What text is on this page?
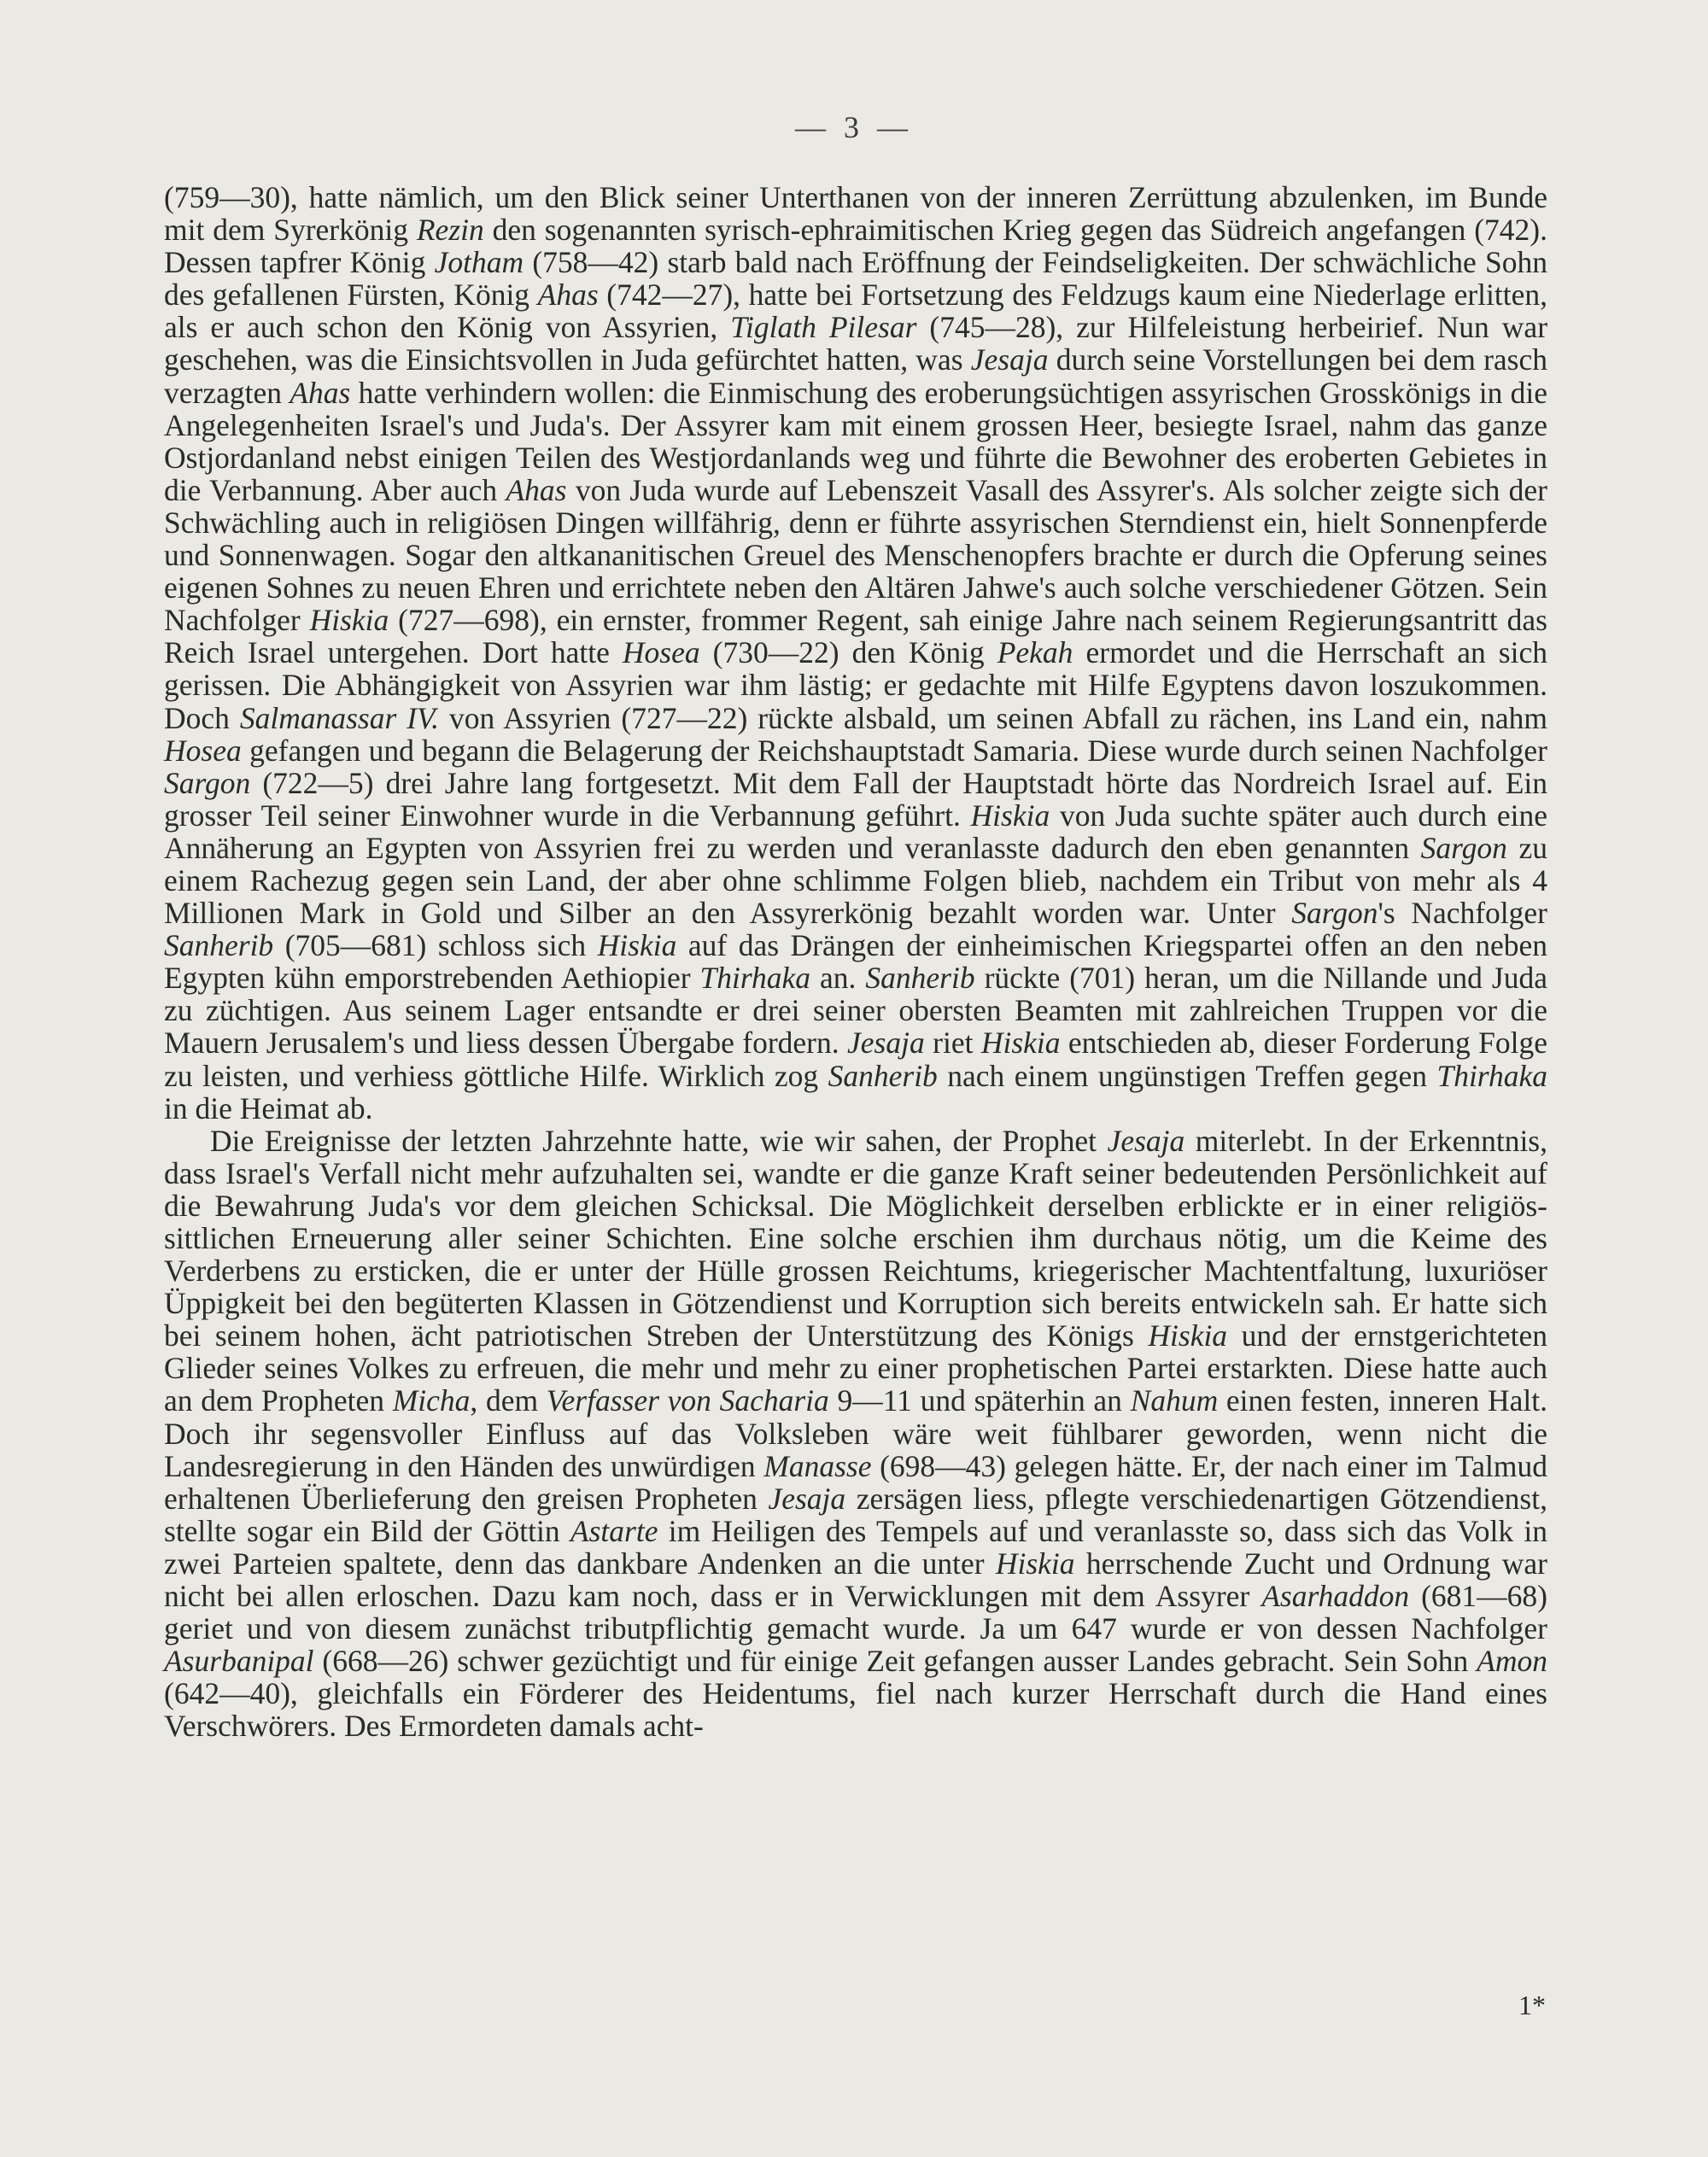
— 3 —

(759—30), hatte nämlich, um den Blick seiner Unterthanen von der inneren Zerrüttung abzulenken, im Bunde mit dem Syrerkönig Rezin den sogenannten syrisch-ephraimitischen Krieg gegen das Südreich angefangen (742). Dessen tapfrer König Jotham (758—42) starb bald nach Eröffnung der Feindseligkeiten. Der schwächliche Sohn des gefallenen Fürsten, König Ahas (742—27), hatte bei Fortsetzung des Feldzugs kaum eine Niederlage erlitten, als er auch schon den König von Assyrien, Tiglath Pilesar (745—28), zur Hilfeleistung herbeirief. Nun war geschehen, was die Einsichtsvollen in Juda gefürchtet hatten, was Jesaja durch seine Vorstellungen bei dem rasch verzagten Ahas hatte verhindern wollen: die Einmischung des eroberungsüchtigen assyrischen Grosskönigs in die Angelegenheiten Israel's und Juda's. Der Assyrer kam mit einem grossen Heer, besiegte Israel, nahm das ganze Ostjordanland nebst einigen Teilen des Westjordanlands weg und führte die Bewohner des eroberten Gebietes in die Verbannung. Aber auch Ahas von Juda wurde auf Lebenszeit Vasall des Assyrer's. Als solcher zeigte sich der Schwächling auch in religiösen Dingen willfährig, denn er führte assyrischen Sterndienst ein, hielt Sonnenpferde und Sonnenwagen. Sogar den altkananitischen Greuel des Menschenopfers brachte er durch die Opferung seines eigenen Sohnes zu neuen Ehren und errichtete neben den Altären Jahwe's auch solche verschiedener Götzen. Sein Nachfolger Hiskia (727—698), ein ernster, frommer Regent, sah einige Jahre nach seinem Regierungsantritt das Reich Israel untergehen. Dort hatte Hosea (730—22) den König Pekah ermordet und die Herrschaft an sich gerissen. Die Abhängigkeit von Assyrien war ihm lästig; er gedachte mit Hilfe Egyptens davon loszukommen. Doch Salmanassar IV. von Assyrien (727—22) rückte alsbald, um seinen Abfall zu rächen, ins Land ein, nahm Hosea gefangen und begann die Belagerung der Reichshauptstadt Samaria. Diese wurde durch seinen Nachfolger Sargon (722—5) drei Jahre lang fortgesetzt. Mit dem Fall der Hauptstadt hörte das Nordreich Israel auf. Ein grosser Teil seiner Einwohner wurde in die Verbannung geführt. Hiskia von Juda suchte später auch durch eine Annäherung an Egypten von Assyrien frei zu werden und veranlasste dadurch den eben genannten Sargon zu einem Rachezug gegen sein Land, der aber ohne schlimme Folgen blieb, nachdem ein Tribut von mehr als 4 Millionen Mark in Gold und Silber an den Assyrerkönig bezahlt worden war. Unter Sargon's Nachfolger Sanherib (705—681) schloss sich Hiskia auf das Drängen der einheimischen Kriegspartei offen an den neben Egypten kühn emporstrebenden Aethiopier Thirhaka an. Sanherib rückte (701) heran, um die Nillande und Juda zu züchtigen. Aus seinem Lager entsandte er drei seiner obersten Beamten mit zahlreichen Truppen vor die Mauern Jerusalem's und liess dessen Übergabe fordern. Jesaja riet Hiskia entschieden ab, dieser Forderung Folge zu leisten, und verhiess göttliche Hilfe. Wirklich zog Sanherib nach einem ungünstigen Treffen gegen Thirhaka in die Heimat ab.

Die Ereignisse der letzten Jahrzehnte hatte, wie wir sahen, der Prophet Jesaja miterlebt. In der Erkenntnis, dass Israel's Verfall nicht mehr aufzuhalten sei, wandte er die ganze Kraft seiner bedeutenden Persönlichkeit auf die Bewahrung Juda's vor dem gleichen Schicksal. Die Möglichkeit derselben erblickte er in einer religiös-sittlichen Erneuerung aller seiner Schichten. Eine solche erschien ihm durchaus nötig, um die Keime des Verderbens zu ersticken, die er unter der Hülle grossen Reichtums, kriegerischer Machtentfaltung, luxuriöser Üppigkeit bei den begüterten Klassen in Götzendienst und Korruption sich bereits entwickeln sah. Er hatte sich bei seinem hohen, ächt patriotischen Streben der Unterstützung des Königs Hiskia und der ernstgerichteten Glieder seines Volkes zu erfreuen, die mehr und mehr zu einer prophetischen Partei erstarkten. Diese hatte auch an dem Propheten Micha, dem Verfasser von Sacharia 9—11 und späterhin an Nahum einen festen, inneren Halt. Doch ihr segensvoller Einfluss auf das Volksleben wäre weit fühlbarer geworden, wenn nicht die Landesregierung in den Händen des unwürdigen Manasse (698—43) gelegen hätte. Er, der nach einer im Talmud erhaltenen Überlieferung den greisen Propheten Jesaja zersägen liess, pflegte verschiedenartigen Götzendienst, stellte sogar ein Bild der Göttin Astarte im Heiligen des Tempels auf und veranlasste so, dass sich das Volk in zwei Parteien spaltete, denn das dankbare Andenken an die unter Hiskia herrschende Zucht und Ordnung war nicht bei allen erloschen. Dazu kam noch, dass er in Verwicklungen mit dem Assyrer Asarhaddon (681—68) geriet und von diesem zunächst tributpflichtig gemacht wurde. Ja um 647 wurde er von dessen Nachfolger Asurbanipal (668—26) schwer gezüchtigt und für einige Zeit gefangen ausser Landes gebracht. Sein Sohn Amon (642—40), gleichfalls ein Förderer des Heidentums, fiel nach kurzer Herrschaft durch die Hand eines Verschwörers. Des Ermordeten damals acht-

1*
